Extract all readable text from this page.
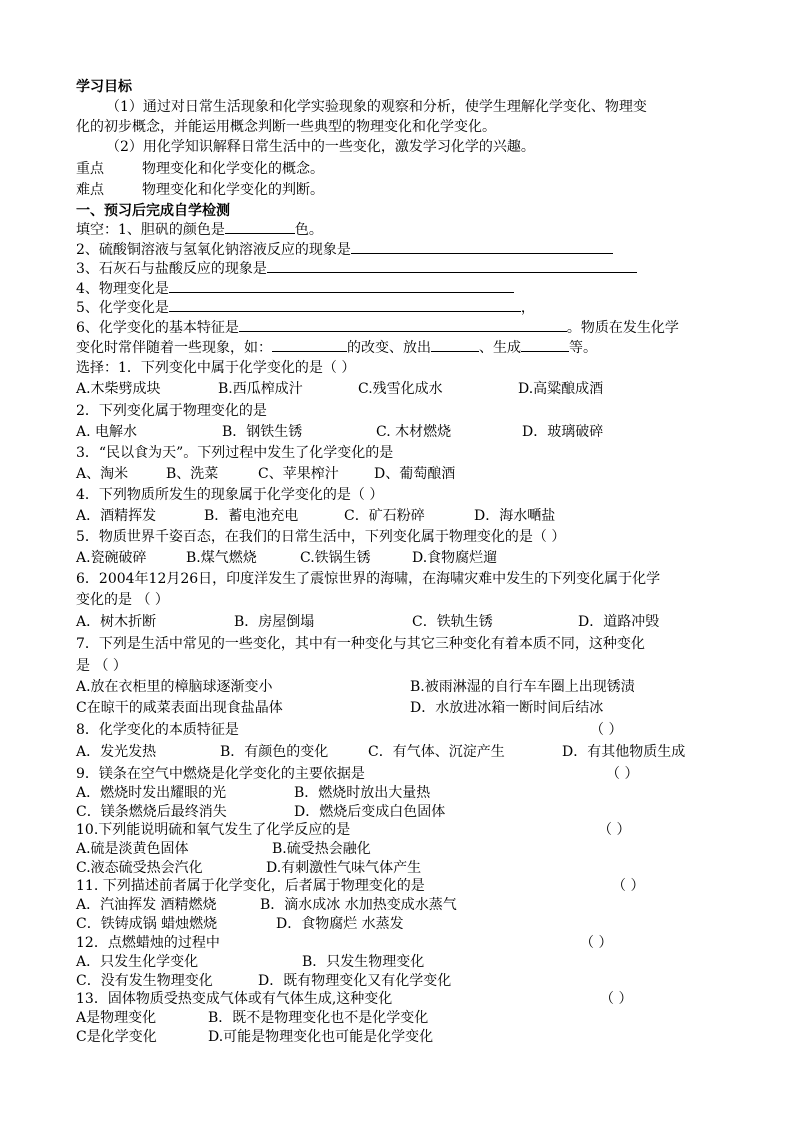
学习目标
（1）通过对日常生活现象和化学实验现象的观察和分析，使学生理解化学变化、物理变
化的初步概念，并能运用概念判断一些典型的物理变化和化学变化。
（2）用化学知识解释日常生活中的一些变化，激发学习化学的兴趣。
重点	物理变化和化学变化的概念。
难点	物理变化和化学变化的判断。
一、预习后完成自学检测
填空：1、胆矾的颜色是	色。
2、硫酸铜溶液与氢氧化钠溶液反应的现象是
3、石灰石与盐酸反应的现象是
4、物理变化是
5、化学变化是	，
6、化学变化的基本特征是	。物质在发生化学
变化时常伴随着一些现象，如：	的改变、放出	、生成	等。
选择：1．下列变化中属于化学变化的是（ ）
A.木柴劈成块	B.西瓜榨成汁	C.残雪化成水	D.高粱酿成酒
2．下列变化属于物理变化的是
A. 电解水	B．钢铁生锈	C. 木材燃烧	D．玻璃破碎
3．“民以食为天”。下列过程中发生了化学变化的是
A、淘米	B、洗菜	C、苹果榨汁	D、葡萄酿酒
4．下列物质所发生的现象属于化学变化的是（ ）
A．酒精挥发	B．蓄电池充电	C．矿石粉碎	D．海水嗮盐
5．物质世界千姿百态，在我们的日常生活中，下列变化属于物理变化的是（ ）
A.瓷碗破碎	B.煤气燃烧	C.铁锅生锈	D.食物腐烂遛
6．2004年12月26日，印度洋发生了震惊世界的海啸，在海啸灾难中发生的下列变化属于化学
变化的是 （ ）
A．树木折断	B．房屋倒塌	C．铁轨生锈	D．道路冲毁
7．下列是生活中常见的一些变化，其中有一种变化与其它三种变化有着本质不同，这种变化
是 （ ）
A.放在衣柜里的樟脑球逐渐变小	B.被雨淋湿的自行车车圈上出现锈渍
C在晾干的咸菜表面出现食盐晶体	D．水放进冰箱一断时间后结冰
8．化学变化的本质特征是	（ ）
A．发光发热	B．有颜色的变化	C．有气体、沉淀产生	D．有其他物质生成
9．镁条在空气中燃烧是化学变化的主要依据是	（ ）
A．燃烧时发出耀眼的光	B．燃烧时放出大量热
C．镁条燃烧后最终消失	D．燃烧后变成白色固体
10.下列能说明硫和氧气发生了化学反应的是	（ ）
A.硫是淡黄色固体	B.硫受热会融化
C.液态硫受热会汽化	D.有刺激性气味气体产生
11. 下列描述前者属于化学变化，后者属于物理变化的是	（ ）
A．汽油挥发 酒精燃烧	B．滴水成冰 水加热变成水蒸气
C．铁铸成锅 蜡烛燃烧	D．食物腐烂 水蒸发
12．点燃蜡烛的过程中	（ ）
A．只发生化学变化	B．只发生物理变化
C．没有发生物理变化	D．既有物理变化又有化学变化
13．固体物质受热变成气体或有气体生成,这种变化	（ ）
A是物理变化	B．既不是物理变化也不是化学变化
C是化学变化	D.可能是物理变化也可能是化学变化
